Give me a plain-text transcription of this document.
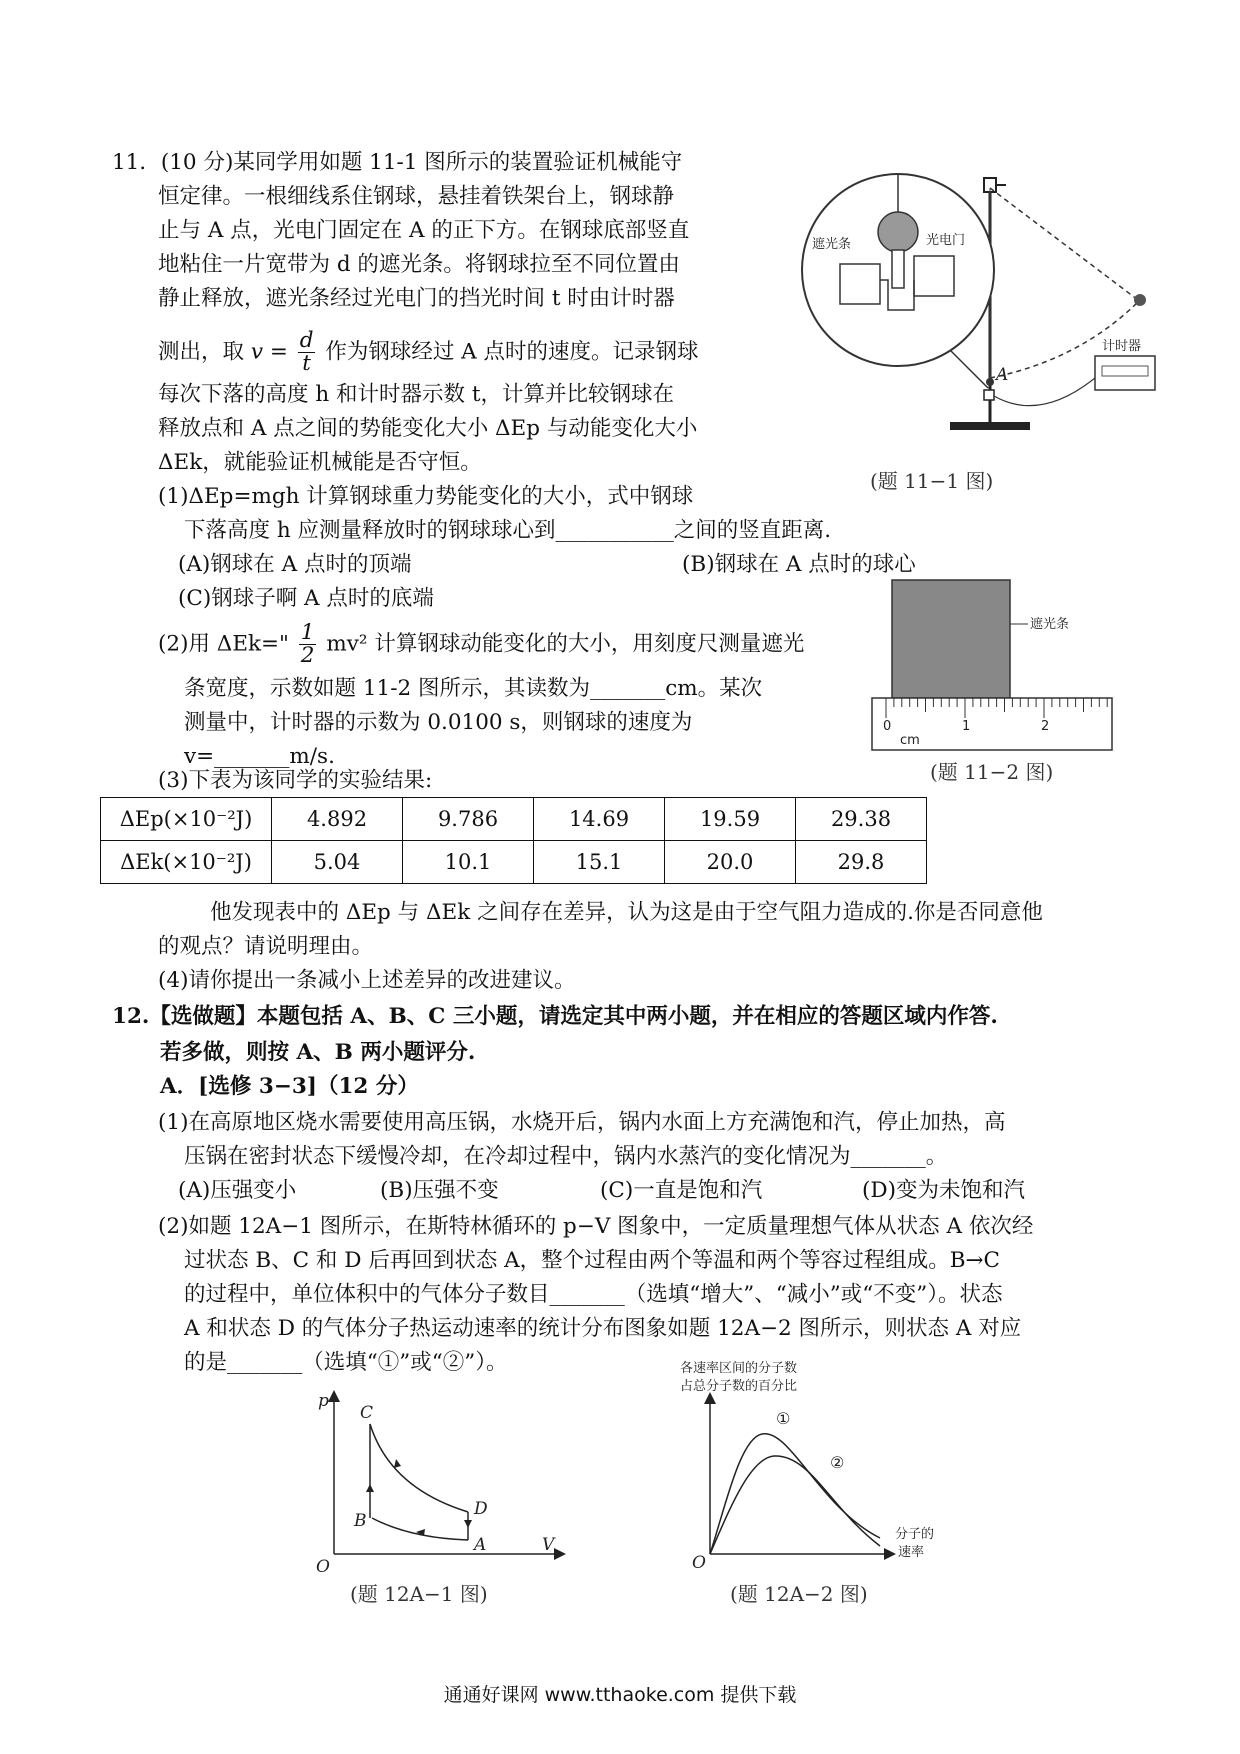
11．(10 分)某同学用如题 11-1 图所示的装置验证机械能守
恒定律。一根细线系住钢球，悬挂着铁架台上，钢球静
止与 A 点，光电门固定在 A 的正下方。在钢球底部竖直
地粘住一片宽带为 d 的遮光条。将钢球拉至不同位置由
静止释放，遮光条经过光电门的挡光时间 t 时由计时器
测出，取 $v = \frac{d}{t}$ 作为钢球经过 A 点时的速度。记录钢球
每次下落的高度 h 和计时器示数 t，计算并比较钢球在
释放点和 A 点之间的势能变化大小 ΔEp 与动能变化大小
ΔEk，就能验证机械能是否守恒。
(1)ΔEp=mgh 计算钢球重力势能变化的大小，式中钢球
下落高度 h 应测量释放时的钢球球心到___________之间的竖直距离.
(A)钢球在 A 点时的顶端	(B)钢球在 A 点时的球心
(C)钢球子啊 A 点时的底端
(2)用 ΔEk=" $\frac{1}{2} mv^2$ 计算钢球动能变化的大小，用刻度尺测量遮光
条宽度，示数如题 11-2 图所示，其读数为_______cm。某次
测量中，计时器的示数为 0.0100 s，则钢球的速度为
v=_______m/s.
(3)下表为该同学的实验结果:
ΔEp(×10⁻²J)	4.892	9.786	14.69	19.59	29.38
ΔEk(×10⁻²J)	5.04	10.1	15.1	20.0	29.8
他发现表中的 ΔEp 与 ΔEk 之间存在差异，认为这是由于空气阻力造成的.你是否同意他
的观点？请说明理由。
(4)请你提出一条减小上述差异的改进建议。
A
遮光条	光电门
计时器
(题 11−1 图)
遮光条
0	1	2
cm
(题 11−2 图)
12.【选做题】本题包括 A、B、C 三小题，请选定其中两小题，并在相应的答题区域内作答.
若多做，则按 A、B 两小题评分.
A．[选修 3−3]（12 分）
(1)在高原地区烧水需要使用高压锅，水烧开后，锅内水面上方充满饱和汽，停止加热，高
压锅在密封状态下缓慢冷却，在冷却过程中，锅内水蒸汽的变化情况为_______。
(A)压强变小	(B)压强不变	(C)一直是饱和汽	(D)变为未饱和汽
(2)如题 12A−1 图所示，在斯特林循环的 p−V 图象中，一定质量理想气体从状态 A 依次经
过状态 B、C 和 D 后再回到状态 A，整个过程由两个等温和两个等容过程组成。B→C
的过程中，单位体积中的气体分子数目_______（选填“增大”、“减小”或“不变”）。状态
A 和状态 D 的气体分子热运动速率的统计分布图象如题 12A−2 图所示，则状态 A 对应
的是_______（选填“①”或“②”）。
p
V
O
C
B
D
A
(题 12A−1 图)
各速率区间的分子数
占总分子数的百分比
O
分子的
速率
①
②
(题 12A−2 图)
通通好课网 www.tthaoke.com 提供下载
